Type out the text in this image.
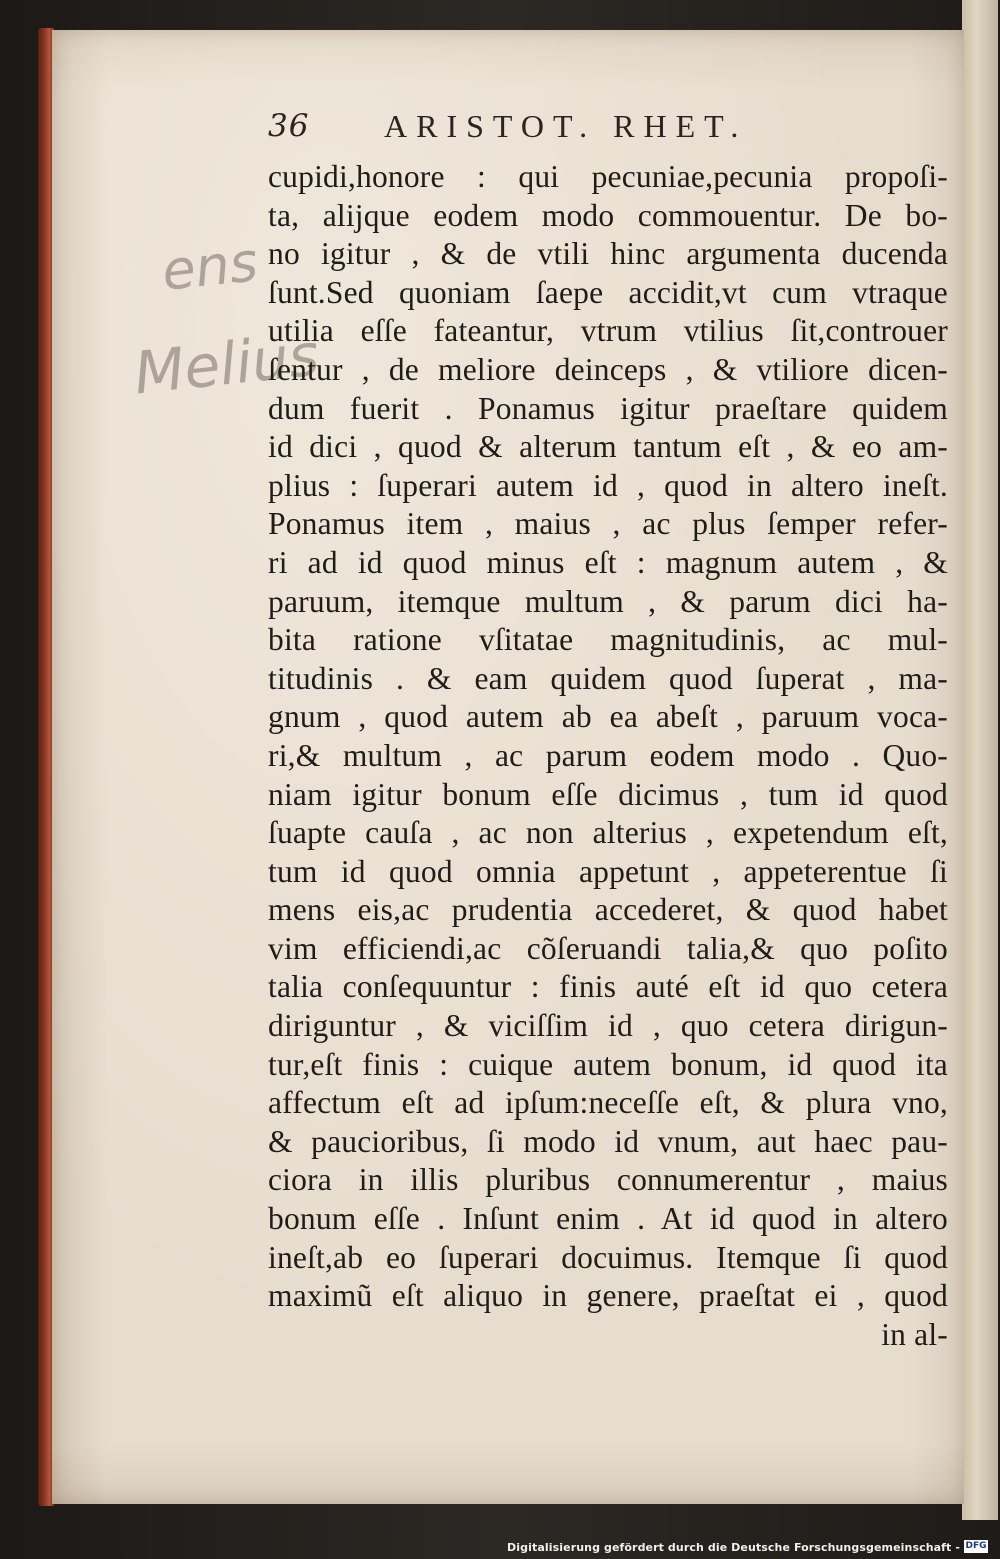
ens
Melius
36 ARISTOT. RHET.
cupidi,honore : qui pecuniae,pecunia propoſi-
ta, alijque eodem modo commouentur. De bo-
no igitur , & de vtili hinc argumenta ducenda
ſunt.Sed quoniam ſaepe accidit,vt cum vtraque
utilia eſſe fateantur, vtrum vtilius ſit,controuer
ſentur , de meliore deinceps , & vtiliore dicen-
dum fuerit . Ponamus igitur praeſtare quidem
id dici , quod & alterum tantum eſt , & eo am-
plius : ſuperari autem id , quod in altero ineſt.
Ponamus item , maius , ac plus ſemper refer-
ri ad id quod minus eſt : magnum autem , &
paruum, itemque multum , & parum dici ha-
bita ratione vſitatae magnitudinis, ac mul-
titudinis . & eam quidem quod ſuperat , ma-
gnum , quod autem ab ea abeſt , paruum voca-
ri,& multum , ac parum eodem modo . Quo-
niam igitur bonum eſſe dicimus , tum id quod
ſuapte cauſa , ac non alterius , expetendum eſt,
tum id quod omnia appetunt , appeterentue ſi
mens eis,ac prudentia accederet, & quod habet
vim efficiendi,ac cõſeruandi talia,& quo poſito
talia conſequuntur : finis auté eſt id quo cetera
diriguntur , & viciſſim id , quo cetera dirigun-
tur,eſt finis : cuique autem bonum, id quod ita
affectum eſt ad ipſum:neceſſe eſt, & plura vno,
& paucioribus, ſi modo id vnum, aut haec pau-
ciora in illis pluribus connumerentur , maius
bonum eſſe . Inſunt enim . At id quod in altero
ineſt,ab eo ſuperari docuimus. Itemque ſi quod
maximũ eſt aliquo in genere, praeſtat ei , quod
in al-
Digitalisierung gefördert durch die Deutsche Forschungsgemeinschaft - DFG
